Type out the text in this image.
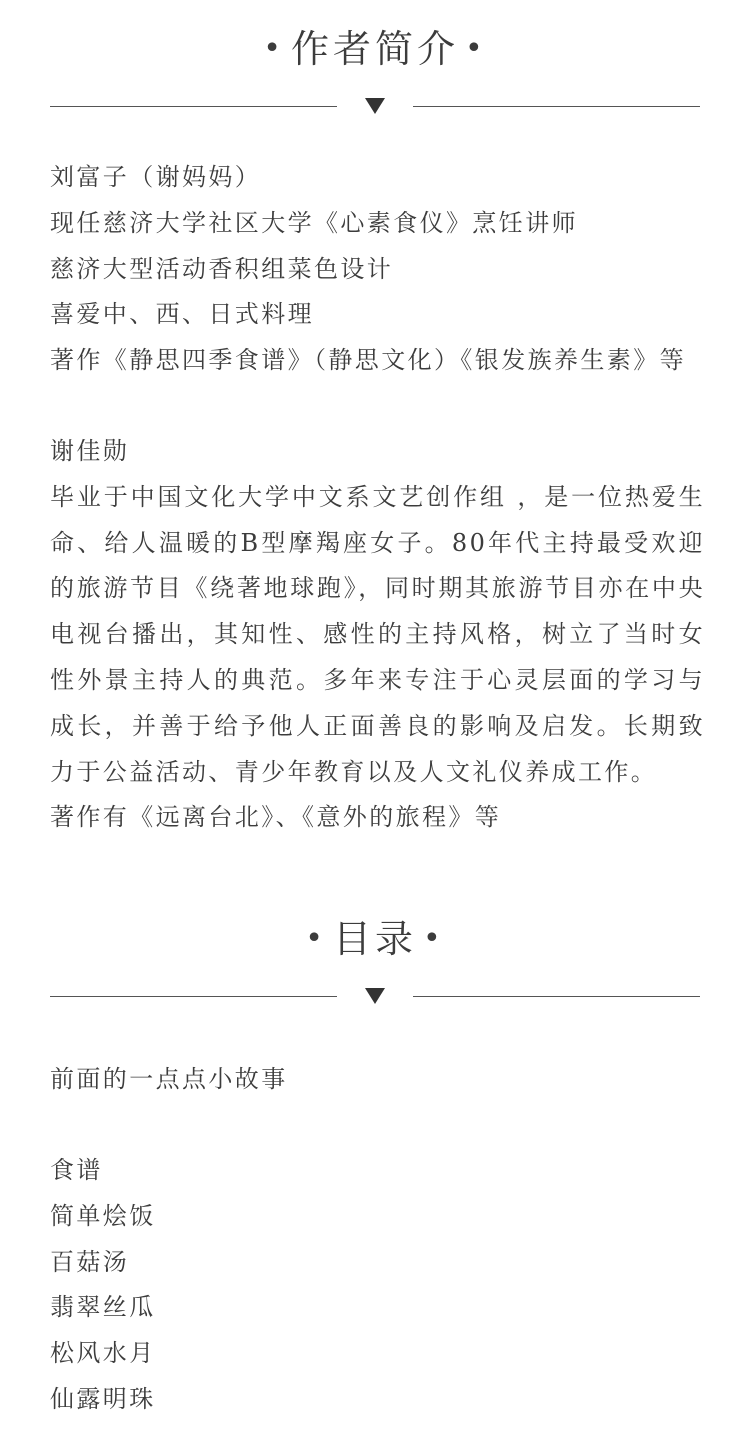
• 作者简介 •

刘富子（谢妈妈）

现任慈济大学社区大学《心素食仪》烹饪讲师

慈济大型活动香积组菜色设计

喜爱中、西、日式料理

著作《静思四季食谱》（静思文化）《银发族养生素》等

谢佳勋

毕业于中国文化大学中文系文艺创作组 ，是一位热爱生命、给人温暖的B型摩羯座女子。80年代主持最受欢迎的旅游节目《绕著地球跑》，同时期其旅游节目亦在中央电视台播出，其知性、感性的主持风格，树立了当时女性外景主持人的典范。多年来专注于心灵层面的学习与成长，并善于给予他人正面善良的影响及启发。长期致力于公益活动、青少年教育以及人文礼仪养成工作。

著作有《远离台北》、《意外的旅程》等

• 目录 •

前面的一点点小故事

食谱

简单烩饭

百菇汤

翡翠丝瓜

松风水月

仙露明珠
